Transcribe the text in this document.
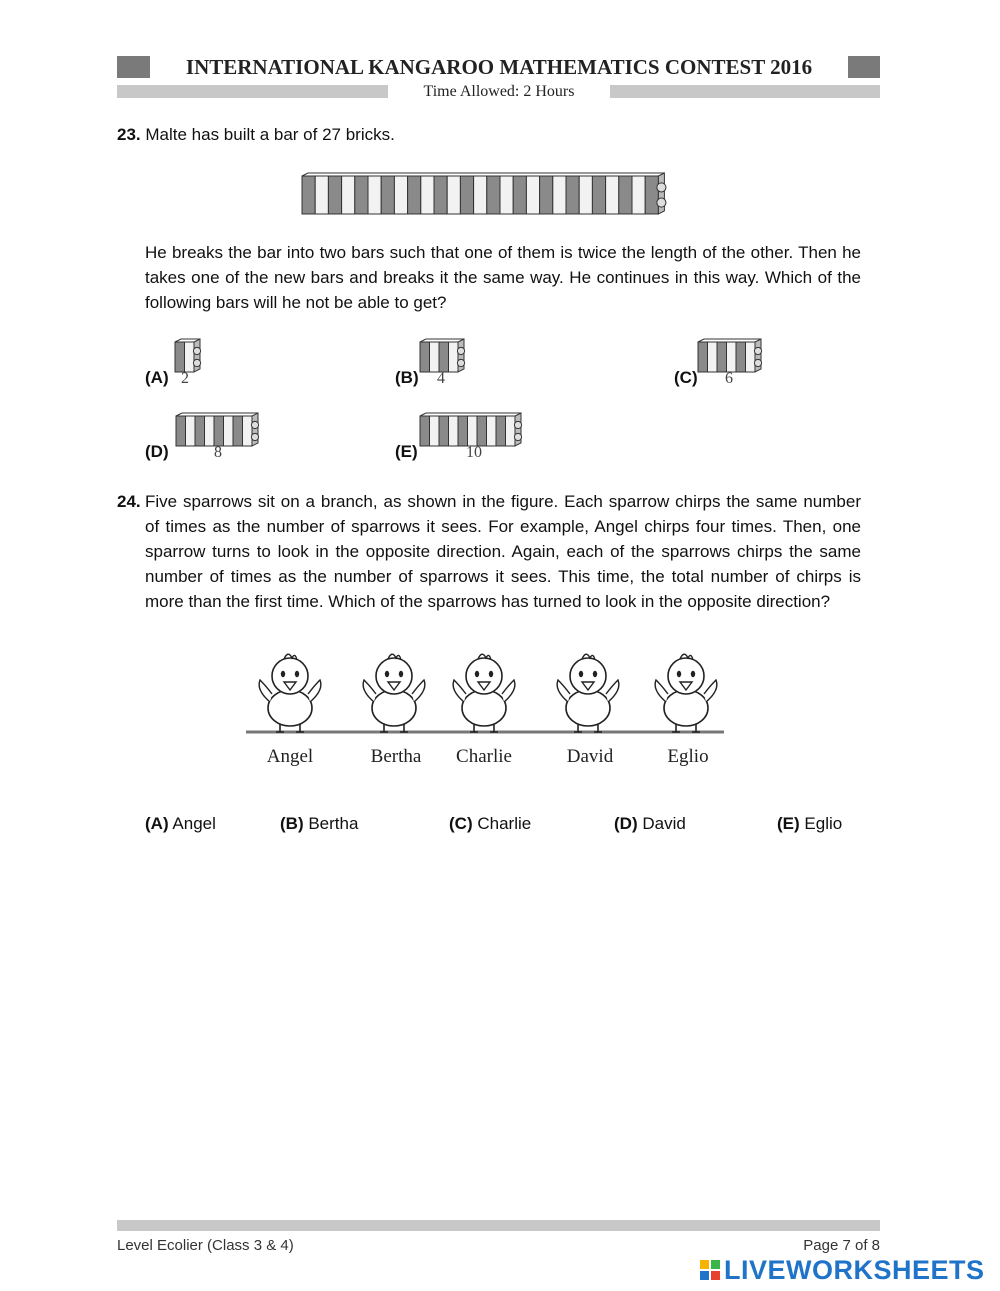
INTERNATIONAL KANGAROO MATHEMATICS CONTEST 2016
Time Allowed: 2 Hours
23. Malte has built a bar of 27 bricks.
He breaks the bar into two bars such that one of them is twice the length of the other. Then he takes one of the new bars and breaks it the same way. He continues in this way. Which of the following bars will he not be able to get?
(A) 2	(B) 4	(C) 6
(D)	8	(E)	10
24. Five sparrows sit on a branch, as shown in the figure. Each sparrow chirps the same number of times as the number of sparrows it sees. For example, Angel chirps four times. Then, one sparrow turns to look in the opposite direction. Again, each of the sparrows chirps the same number of times as the number of sparrows it sees. This time, the total number of chirps is more than the first time. Which of the sparrows has turned to look in the opposite direction?
Angel	Bertha	Charlie	David	Eglio
(A) Angel	(B) Bertha	(C) Charlie	(D) David	(E) Eglio
Level Ecolier (Class 3 & 4)	Page 7 of 8
LIVEWORKSHEETS
